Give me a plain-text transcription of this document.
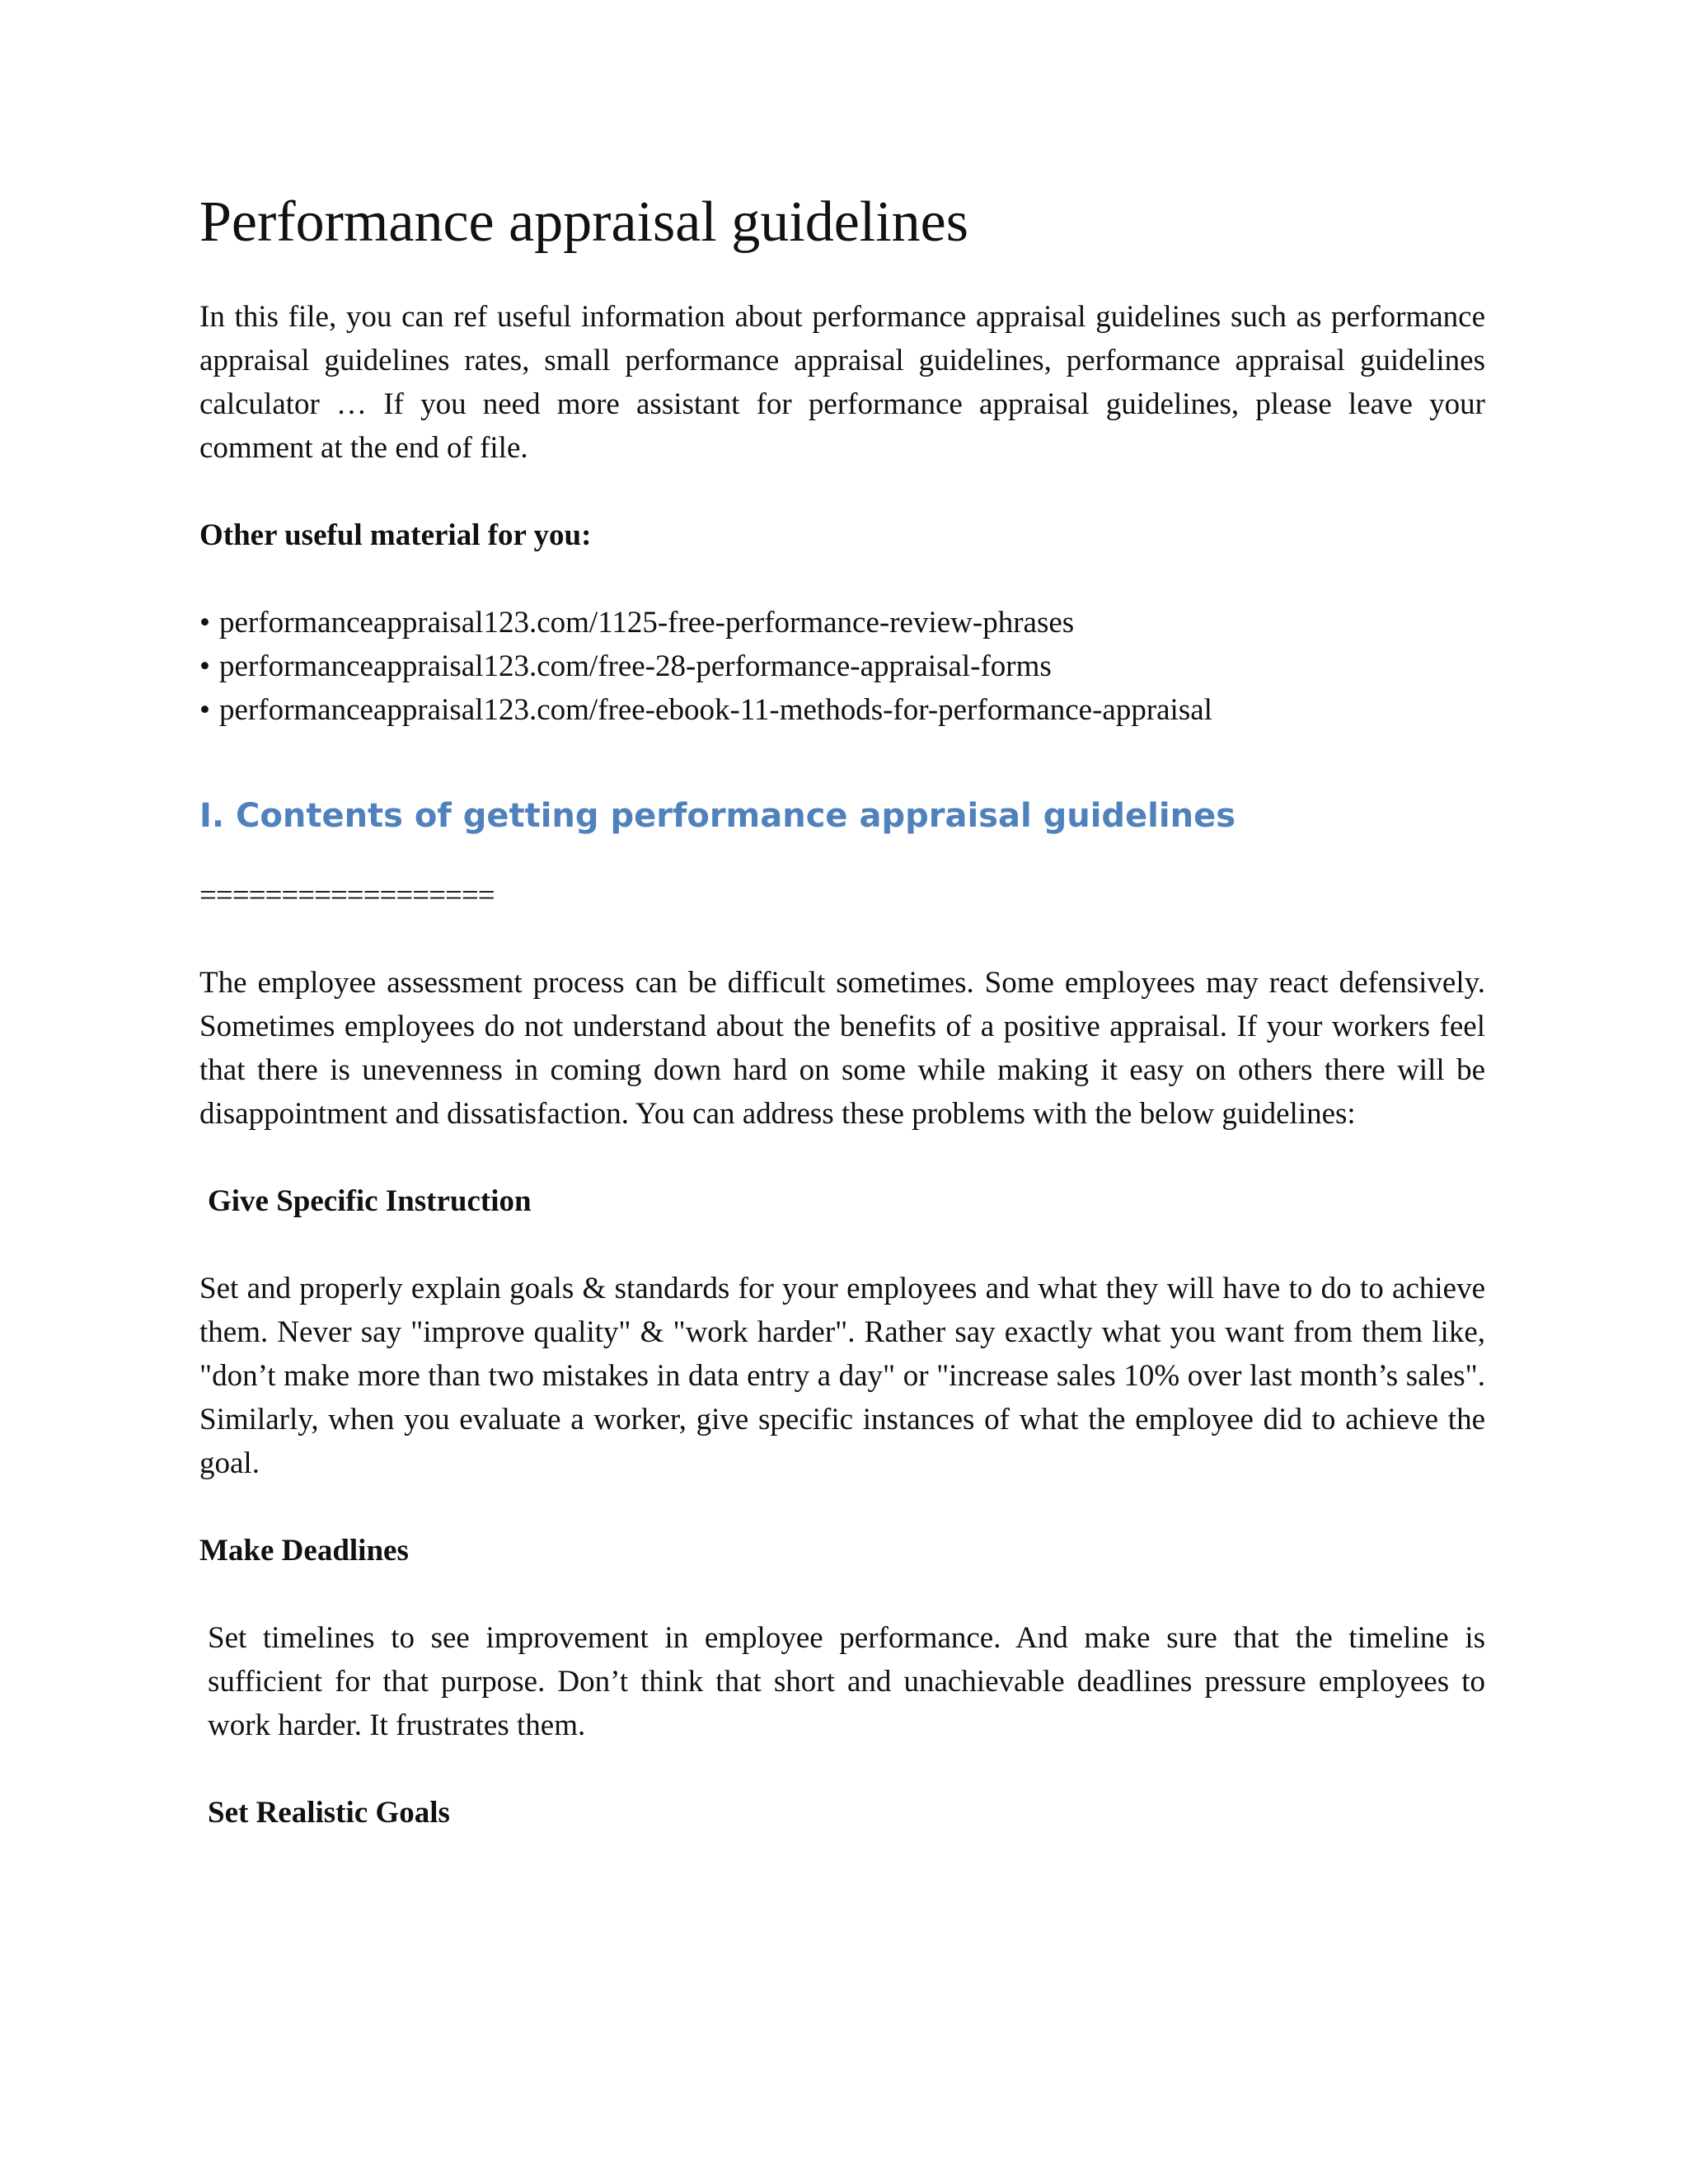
Performance appraisal guidelines

In this file, you can ref useful information about performance appraisal guidelines such as performance appraisal guidelines rates, small performance appraisal guidelines, performance appraisal guidelines calculator … If you need more assistant for performance appraisal guidelines, please leave your comment at the end of file.

Other useful material for you:

• performanceappraisal123.com/1125-free-performance-review-phrases
• performanceappraisal123.com/free-28-performance-appraisal-forms
• performanceappraisal123.com/free-ebook-11-methods-for-performance-appraisal
I. Contents of getting performance appraisal guidelines

==================

The employee assessment process can be difficult sometimes. Some employees may react defensively. Sometimes employees do not understand about the benefits of a positive appraisal. If your workers feel that there is unevenness in coming down hard on some while making it easy on others there will be disappointment and dissatisfaction. You can address these problems with the below guidelines:

Give Specific Instruction

Set and properly explain goals & standards for your employees and what they will have to do to achieve them. Never say "improve quality" & "work harder". Rather say exactly what you want from them like, "don’t make more than two mistakes in data entry a day" or "increase sales 10% over last month’s sales". Similarly, when you evaluate a worker, give specific instances of what the employee did to achieve the goal.

Make Deadlines

Set timelines to see improvement in employee performance. And make sure that the timeline is sufficient for that purpose. Don’t think that short and unachievable deadlines pressure employees to work harder. It frustrates them.

Set Realistic Goals
